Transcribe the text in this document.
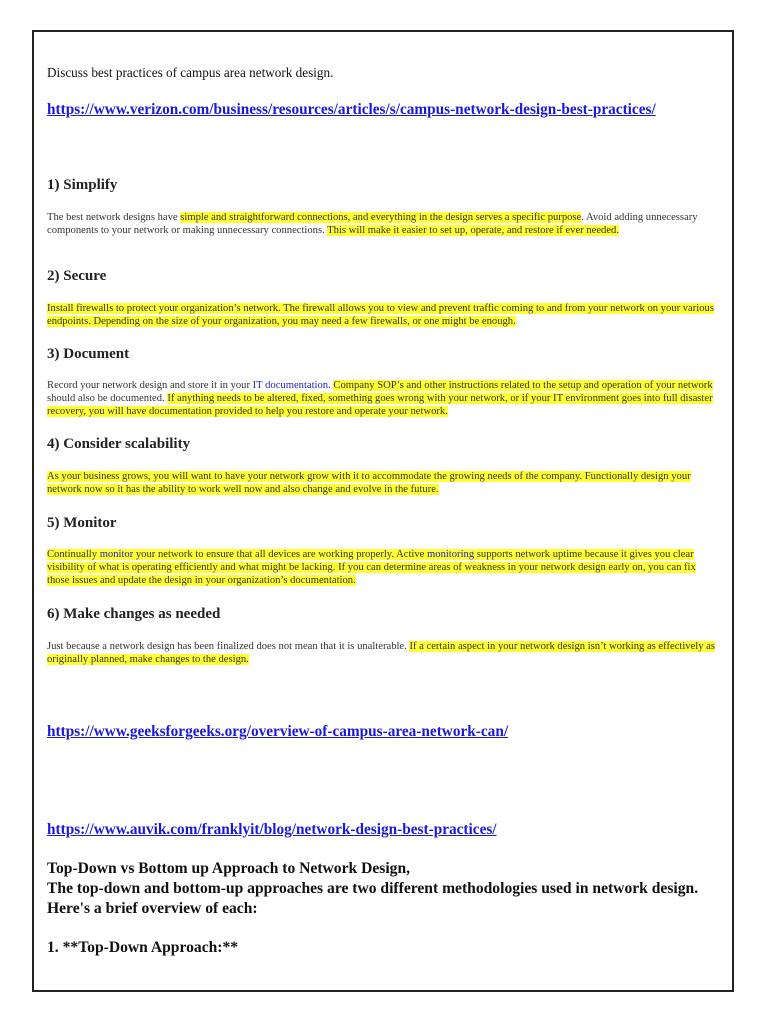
Discuss best practices of campus area network design.
https://www.verizon.com/business/resources/articles/s/campus-network-design-best-practices/
1) Simplify
The best network designs have simple and straightforward connections, and everything in the design serves a specific purpose. Avoid adding unnecessary components to your network or making unnecessary connections. This will make it easier to set up, operate, and restore if ever needed.
2) Secure
Install firewalls to protect your organization’s network. The firewall allows you to view and prevent traffic coming to and from your network on your various endpoints. Depending on the size of your organization, you may need a few firewalls, or one might be enough.
3) Document
Record your network design and store it in your IT documentation. Company SOP’s and other instructions related to the setup and operation of your network should also be documented. If anything needs to be altered, fixed, something goes wrong with your network, or if your IT environment goes into full disaster recovery, you will have documentation provided to help you restore and operate your network.
4) Consider scalability
As your business grows, you will want to have your network grow with it to accommodate the growing needs of the company. Functionally design your network now so it has the ability to work well now and also change and evolve in the future.
5) Monitor
Continually monitor your network to ensure that all devices are working properly. Active monitoring supports network uptime because it gives you clear visibility of what is operating efficiently and what might be lacking. If you can determine areas of weakness in your network design early on, you can fix those issues and update the design in your organization’s documentation.
6) Make changes as needed
Just because a network design has been finalized does not mean that it is unalterable. If a certain aspect in your network design isn’t working as effectively as originally planned, make changes to the design.
https://www.geeksforgeeks.org/overview-of-campus-area-network-can/
https://www.auvik.com/franklyit/blog/network-design-best-practices/
Top-Down vs Bottom up Approach to Network Design,
The top-down and bottom-up approaches are two different methodologies used in network design. Here's a brief overview of each:
1. **Top-Down Approach:**
